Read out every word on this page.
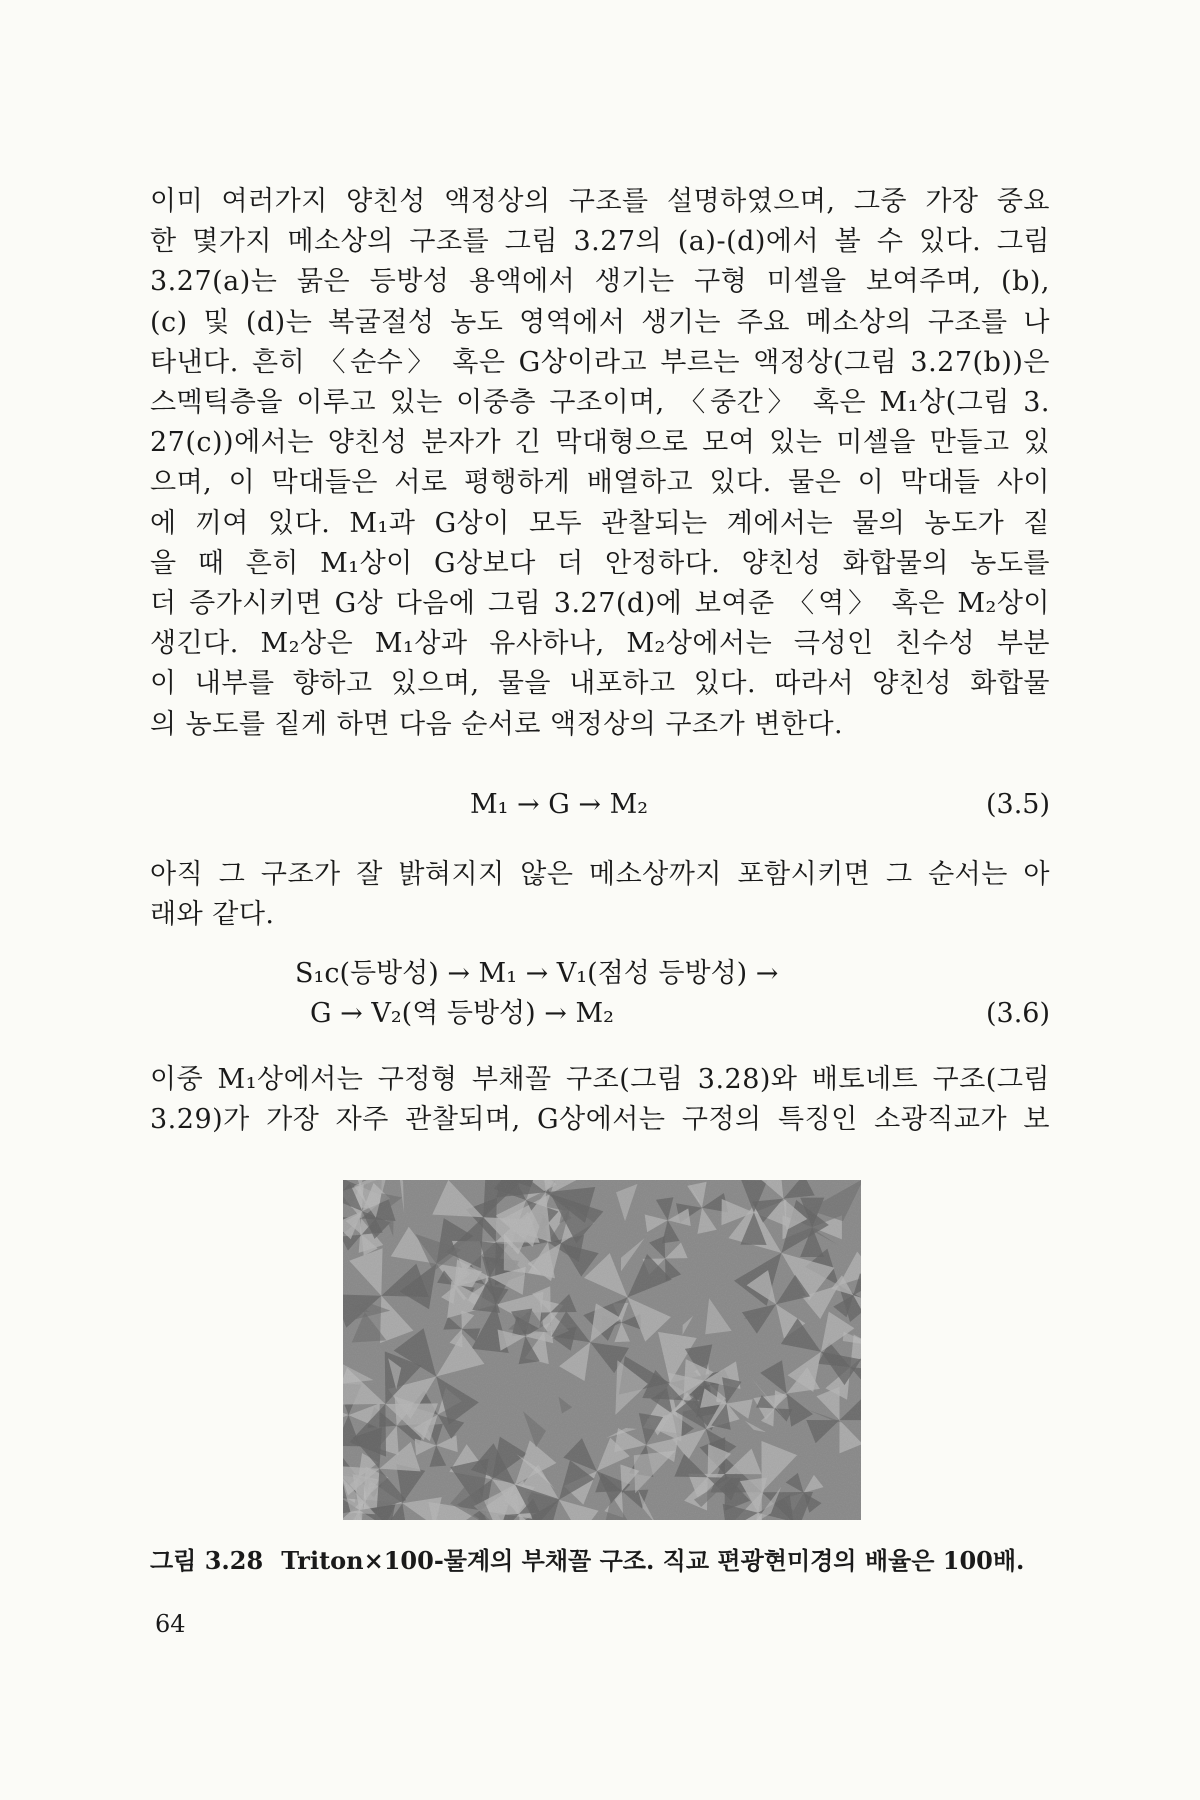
이미 여러가지 양친성 액정상의 구조를 설명하였으며, 그중 가장 중요
한 몇가지 메소상의 구조를 그림 3.27의 (a)-(d)에서 볼 수 있다. 그림
3.27(a)는 묽은 등방성 용액에서 생기는 구형 미셀을 보여주며, (b),
(c) 및 (d)는 복굴절성 농도 영역에서 생기는 주요 메소상의 구조를 나
타낸다. 흔히 〈순수〉 혹은 G상이라고 부르는 액정상(그림 3.27(b))은
스멕틱층을 이루고 있는 이중층 구조이며, 〈중간〉 혹은 M₁상(그림 3.
27(c))에서는 양친성 분자가 긴 막대형으로 모여 있는 미셀을 만들고 있
으며, 이 막대들은 서로 평행하게 배열하고 있다. 물은 이 막대들 사이
에 끼여 있다. M₁과 G상이 모두 관찰되는 계에서는 물의 농도가 짙
을 때 흔히 M₁상이 G상보다 더 안정하다. 양친성 화합물의 농도를
더 증가시키면 G상 다음에 그림 3.27(d)에 보여준 〈역〉 혹은 M₂상이
생긴다. M₂상은 M₁상과 유사하나, M₂상에서는 극성인 친수성 부분
이 내부를 향하고 있으며, 물을 내포하고 있다. 따라서 양친성 화합물
의 농도를 짙게 하면 다음 순서로 액정상의 구조가 변한다.
M₁ → G → M₂	(3.5)
아직 그 구조가 잘 밝혀지지 않은 메소상까지 포함시키면 그 순서는 아
래와 같다.
S₁c(등방성) → M₁ → V₁(점성 등방성) →
G → V₂(역 등방성) → M₂	(3.6)
이중 M₁상에서는 구정형 부채꼴 구조(그림 3.28)와 배토네트 구조(그림
3.29)가 가장 자주 관찰되며, G상에서는 구정의 특징인 소광직교가 보
그림 3.28 Triton×100-물계의 부채꼴 구조. 직교 편광현미경의 배율은 100배.
64
